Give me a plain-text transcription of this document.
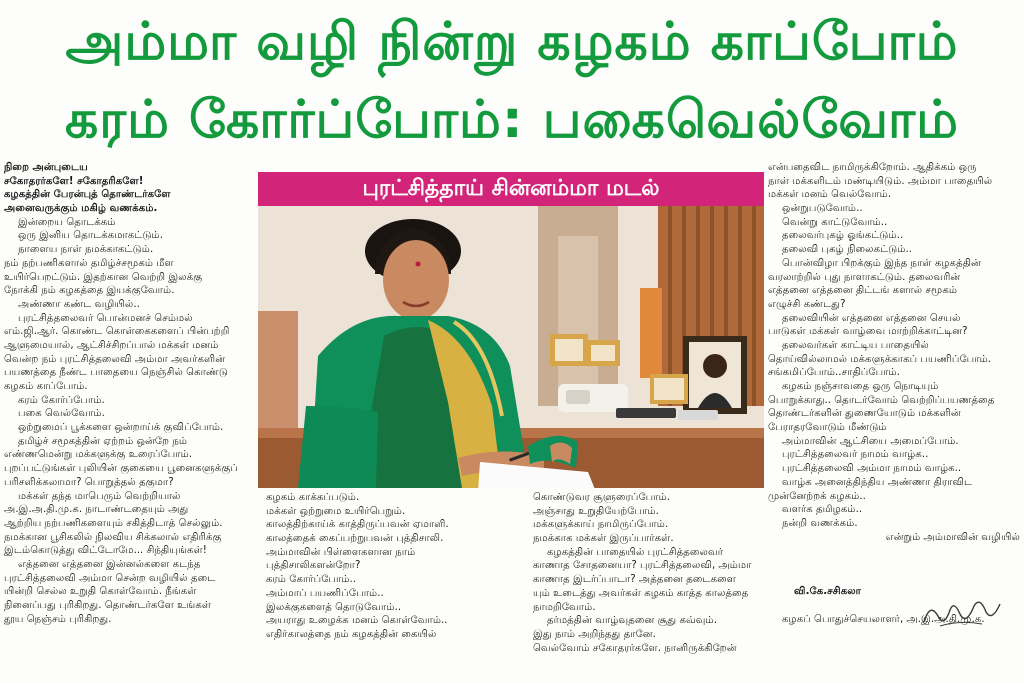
அம்மா வழி நின்று கழகம் காப்போம்
கரம் கோர்ப்போம்: பகைவெல்வோம்
நிறை அன்புடைய
சகோதரர்களே! சகோதரிகளே!
கழகத்தின் பேரன்புத் தொண்டர்களே
அனைவருக்கும் மகிழ் வணக்கம்.
இன்றைய தொடக்கம்
ஒரு இனிய தொடக்கமாகட்டும்.
நாளைய நாள் நமக்காகட்டும்.
நம் நற்பணிகளால் தமிழ்ச்சமூகம் மீள
உயிர்பெறட்டும். இதற்கான வெற்றி இலக்கு
நோக்கி நம் கழகத்தை இயக்குவோம்.
அண்ணா கண்ட வழியில்..
புரட்சித்தலைவர் பொன்மனச் செம்மல்
எம்.ஜி.ஆர். கொண்ட கொள்கைகளைப் பின்பற்றி
ஆளுமையால், ஆட்சிச்சிறப்பால் மக்கள் மனம்
வென்ற நம் புரட்சித்தலைவி அம்மா அவர்களின்
பயணத்தை நீண்ட பாதையை நெஞ்சில் கொண்டு
கழகம் காப்போம்.
கரம் கோர்ப்போம்.
பகை வெல்வோம்.
ஒற்றுமைப் பூக்களை ஒன்றாய்க் குவிப்போம்.
தமிழ்ச் சமூகத்தின் ஏற்றம் ஒன்றே நம்
எண்ணமென்று மக்களுக்கு உரைப்போம்.
புறப்பட்டுங்கள் புலியின் குகையை பூனைகளுக்குப்
பரிசளிக்கலாமா? பொறுத்தல் தகுமா?
மக்கள் தந்த மாபெரும் வெற்றியால்
அ.இ.அ.தி.மு.க. நாடாண்டதையும் அது
ஆற்றிய நற்பணிகளையும் சகித்திடாத் செல்லும்.
நமக்கான பூசிகலில் நிலவிய சிக்கலால் எதிரிக்கு
இடம்கொடுத்து விட்டோமே... சிந்தியுங்கள்!
எத்தனை எத்தனை இன்னல்களை கடந்த
புரட்சித்தலைவி அம்மா சென்ற வழியில் தடை
யின்றி செல்ல உறுதி கொள்வோம். நீங்கள்
நினைப்பது புரிகிறது. தொண்டர்களே உங்கள்
தூய நெஞ்சம் புரிகிறது.
புரட்சித்தாய் சின்னம்மா மடல்
கழகம் காக்கப்படும்.
மக்கள் ஒற்றுமை உயிர்பெறும்.
காலத்திற்காய்க் காத்திருப்பவன் ஏமாளி.
காலத்தைக் கைப்பற்றுபவன் புத்திசாலி.
அம்மாவின் பிள்ளைகளான நாம்
புத்திசாலிகளன்றோ?
கரம் கோர்ப்போம்..
அம்மாப் பயணிப்போம்..
இலக்குகளைத் தொடுவோம்..
அயராது உழைக்க மனம் கொள்வோம்..
எதிர்காலத்தை நம் கழகத்தின் கையில்
கொண்டுவர சூளுரைப்போம்.
அஞ்சாது உறுதியேற்போம்.
மக்களுக்காய் நாமிருப்போம்.
நமக்காக மக்கள் இருப்பார்கள்.
கழகத்தின் பாதையில் புரட்சித்தலைவர்
காணாத சோதனையா? புரட்சித்தலைவி, அம்மா
காணாத இடர்ப்பாடா? அத்தனை தடைகளை
யும் உடைத்து அவர்கள் கழகம் காத்த காலத்தை
நாமறிவோம்.
தர்மத்தின் வாழ்வுதனை சூது கவ்வும்.
இது நாம் அறிந்தது தானே.
வெல்வோம் சகோதரர்களே. நானிருக்கிறேன்
என்பதைவிட நாமிருக்கிறோம். ஆதிக்கம் ஒரு
நாள் மக்களிடம் மண்டியிடும். அம்மா பாதையில்
மக்கள் மனம் வெல்வோம்.
ஒன்றுபடுவோம்..
வென்று காட்டுவோம்..
தலைவர்புகழ் ஓங்கட்டும்..
தலைவி புகழ் நிலைகட்டும்..
பொன்விழா பிறக்கும் இந்த நாள் கழகத்தின்
வரலாற்றில் புது நாளாகட்டும். தலைவரின்
எத்தனை எத்தனை திட்டங் களால் சமூகம்
எழுச்சி கண்டது?
தலைவியின் எத்தனை எத்தனை செயல்
பாடுகள் மக்கள் வாழ்வை மாற்றிக்காட்டின?
தலைவர்கள் காட்டிய பாதையில்
தொய்வில்லாமல் மக்களுக்காகப் பயணிப்போம்.
சங்கமிப்போம்..சாதிப்போம்.
கழகம் நஞ்சாவதை ஒரு நொடியும்
பொறுக்காது.. தொடர்வோம் வெற்றிப்பயணத்தை
தொண்டர்களின் துணையோடும் மக்களின்
பேராதரவோடும் மீண்டும்
அம்மாவின் ஆட்சியை அமைப்போம்.
புரட்சித்தலைவர் நாமம் வாழ்க..
புரட்சித்தலைவி அம்மா நாமம் வாழ்க..
வாழ்க அனைத்திந்திய அண்ணா திராவிட
முன்னேற்றக் கழகம்..
வளர்க தமிழகம்..
நன்றி வணக்கம்.
என்றும் அம்மாவின் வழியில்
வி.கே.சசிகலா
கழகப் பொதுச்செயலாளர், அ.இ.அ.தி.மு.க.
